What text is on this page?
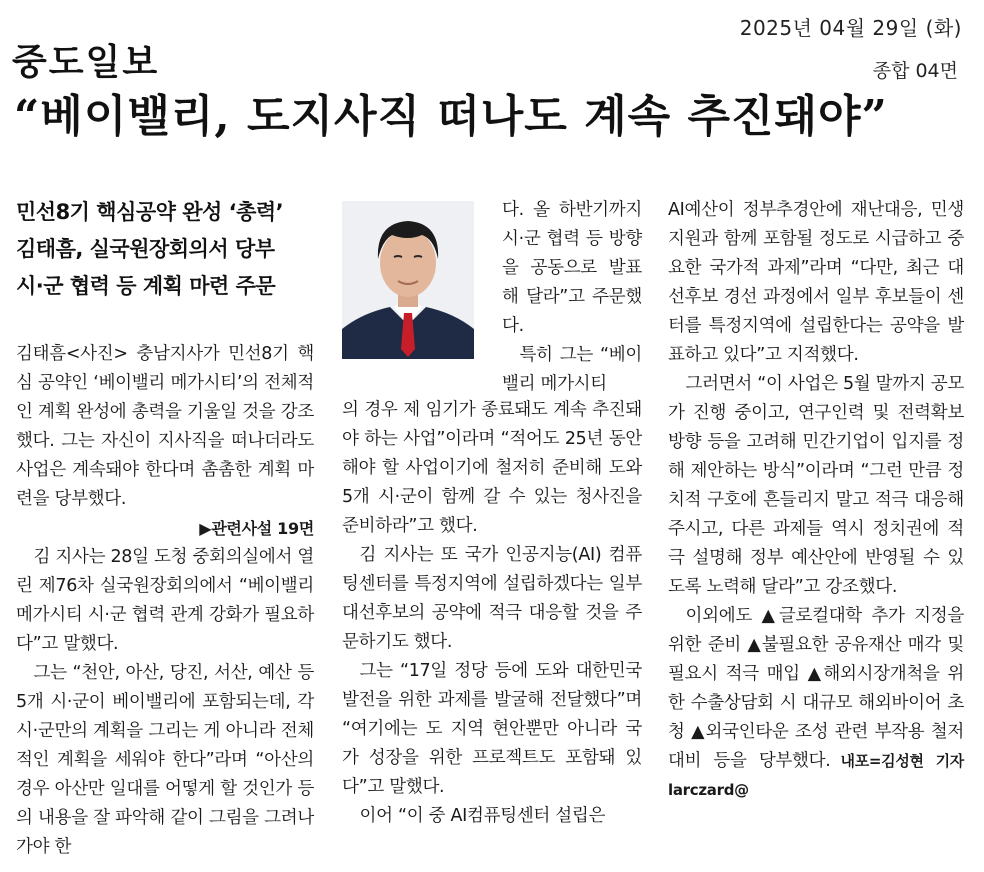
2025년 04월 29일 (화)
중도일보	종합 04면
“베이밸리, 도지사직 떠나도 계속 추진돼야”
민선8기 핵심공약 완성 ‘총력’
김태흠, 실국원장회의서 당부
시·군 협력 등 계획 마련 주문

김태흠<사진> 충남지사가 민선8기 핵심 공약인 ‘베이밸리 메가시티’의 전체적인 계획 완성에 총력을 기울일 것을 강조했다. 그는 자신이 지사직을 떠나더라도 사업은 계속돼야 한다며 촘촘한 계획 마련을 당부했다.

▶관련사설 19면

김 지사는 28일 도청 중회의실에서 열린 제76차 실국원장회의에서 “베이밸리 메가시티 시·군 협력 관계 강화가 필요하다”고 말했다.

그는 “천안, 아산, 당진, 서산, 예산 등 5개 시·군이 베이밸리에 포함되는데, 각 시·군만의 계획을 그리는 게 아니라 전체적인 계획을 세워야 한다”라며 “아산의 경우 아산만 일대를 어떻게 할 것인가 등의 내용을 잘 파악해 같이 그림을 그려나가야 한

다. 올 하반기까지 시·군 협력 등 방향을 공동으로 발표해 달라”고 주문했다.

특히 그는 “베이밸리 메가시티

의 경우 제 임기가 종료돼도 계속 추진돼야 하는 사업”이라며 “적어도 25년 동안 해야 할 사업이기에 철저히 준비해 도와 5개 시·군이 함께 갈 수 있는 청사진을 준비하라”고 했다.

김 지사는 또 국가 인공지능(AI) 컴퓨팅센터를 특정지역에 설립하겠다는 일부 대선후보의 공약에 적극 대응할 것을 주문하기도 했다.

그는 “17일 정당 등에 도와 대한민국 발전을 위한 과제를 발굴해 전달했다”며 “여기에는 도 지역 현안뿐만 아니라 국가 성장을 위한 프로젝트도 포함돼 있다”고 말했다.

이어 “이 중 AI컴퓨팅센터 설립은

AI예산이 정부추경안에 재난대응, 민생지원과 함께 포함될 정도로 시급하고 중요한 국가적 과제”라며 “다만, 최근 대선후보 경선 과정에서 일부 후보들이 센터를 특정지역에 설립한다는 공약을 발표하고 있다”고 지적했다.

그러면서 “이 사업은 5월 말까지 공모가 진행 중이고, 연구인력 및 전력확보 방향 등을 고려해 민간기업이 입지를 정해 제안하는 방식”이라며 “그런 만큼 정치적 구호에 흔들리지 말고 적극 대응해 주시고, 다른 과제들 역시 정치권에 적극 설명해 정부 예산안에 반영될 수 있도록 노력해 달라”고 강조했다.

이외에도 ▲글로컬대학 추가 지정을 위한 준비 ▲불필요한 공유재산 매각 및 필요시 적극 매입 ▲해외시장개척을 위한 수출상담회 시 대규모 해외바이어 초청 ▲외국인타운 조성 관련 부작용 철저 대비 등을 당부했다. 내포=김성현 기자 larczard@
